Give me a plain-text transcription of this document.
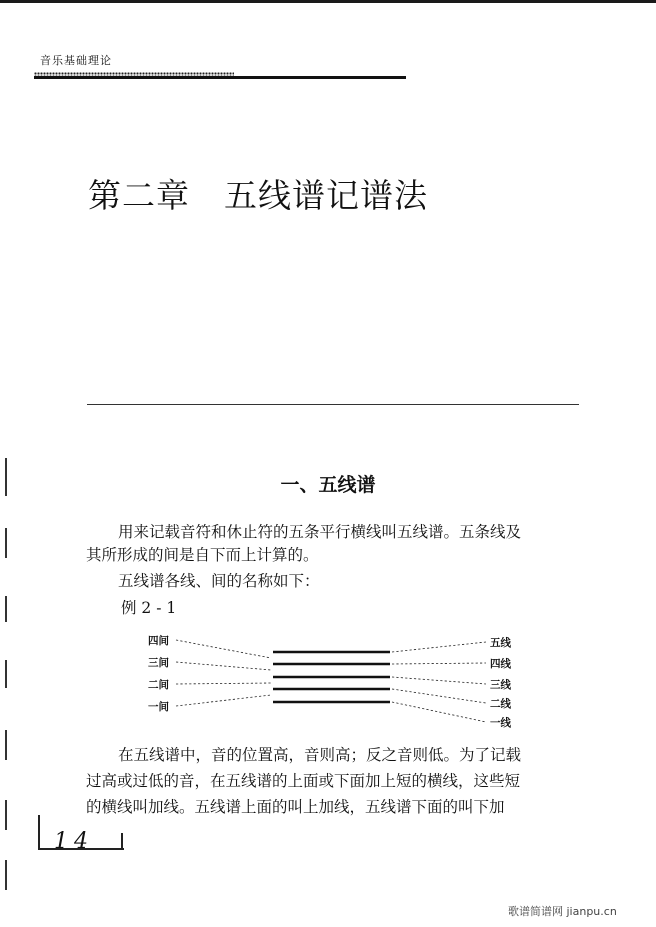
音乐基础理论
第二章　五线谱记谱法
一、五线谱
用来记载音符和休止符的五条平行横线叫五线谱。五条线及
其所形成的间是自下而上计算的。
五线谱各线、间的名称如下：
例 2 - 1
四间
三间
二间
一间
五线
四线
三线
二线
一线
在五线谱中，音的位置高，音则高；反之音则低。为了记载
过高或过低的音，在五线谱的上面或下面加上短的横线，这些短
的横线叫加线。五线谱上面的叫上加线，五线谱下面的叫下加
14
歌谱简谱网 jianpu.cn
